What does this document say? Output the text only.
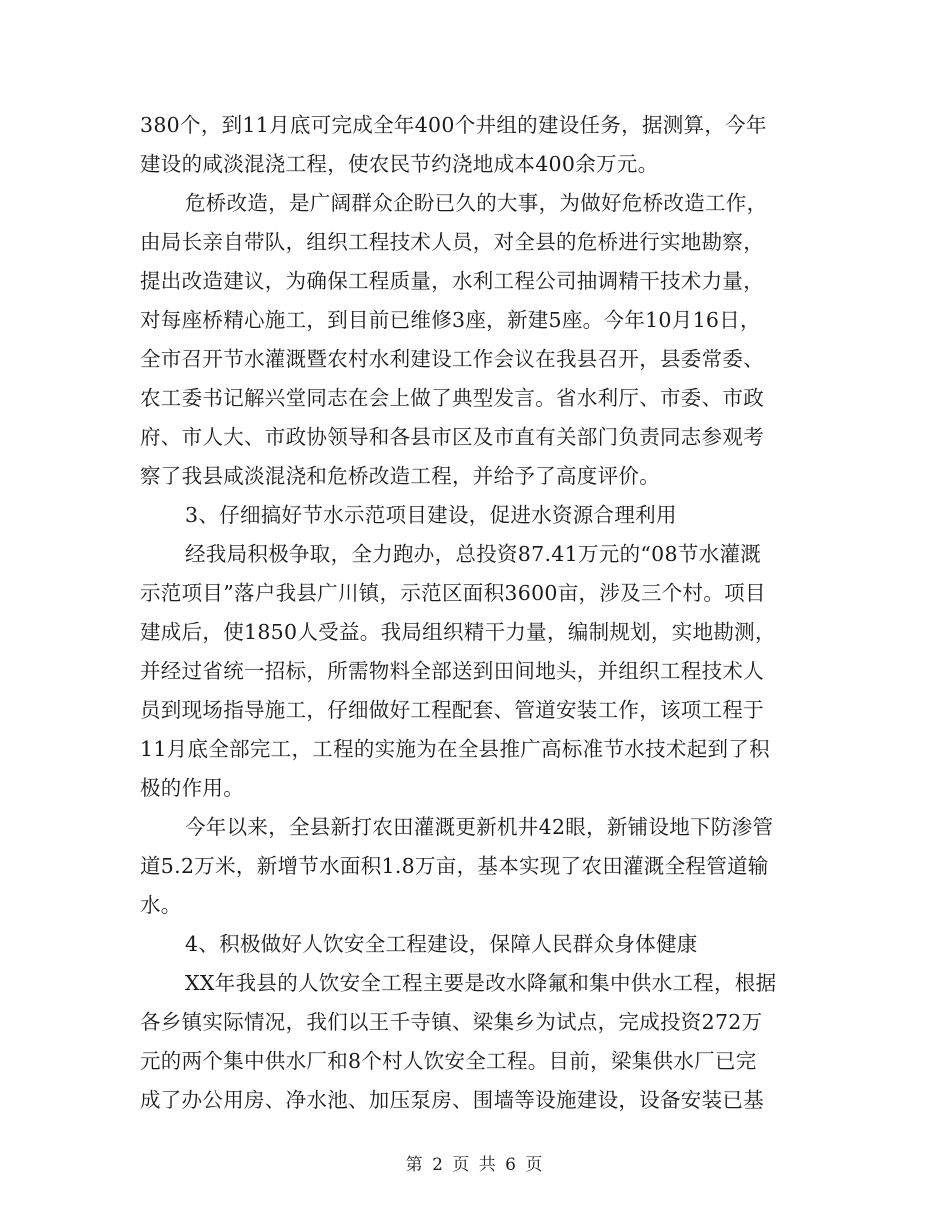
380个，到11月底可完成全年400个井组的建设任务，据测算，今年
建设的咸淡混浇工程，使农民节约浇地成本400余万元。
危桥改造，是广阔群众企盼已久的大事，为做好危桥改造工作，
由局长亲自带队，组织工程技术人员，对全县的危桥进行实地勘察，
提出改造建议，为确保工程质量，水利工程公司抽调精干技术力量，
对每座桥精心施工，到目前已维修3座，新建5座。今年10月16日，
全市召开节水灌溉暨农村水利建设工作会议在我县召开，县委常委、
农工委书记解兴堂同志在会上做了典型发言。省水利厅、市委、市政
府、市人大、市政协领导和各县市区及市直有关部门负责同志参观考
察了我县咸淡混浇和危桥改造工程，并给予了高度评价。
3、仔细搞好节水示范项目建设，促进水资源合理利用
经我局积极争取，全力跑办，总投资87.41万元的“08节水灌溉
示范项目”落户我县广川镇，示范区面积3600亩，涉及三个村。项目
建成后，使1850人受益。我局组织精干力量，编制规划，实地勘测，
并经过省统一招标，所需物料全部送到田间地头，并组织工程技术人
员到现场指导施工，仔细做好工程配套、管道安装工作，该项工程于
11月底全部完工，工程的实施为在全县推广高标准节水技术起到了积
极的作用。
今年以来，全县新打农田灌溉更新机井42眼，新铺设地下防渗管
道5.2万米，新增节水面积1.8万亩，基本实现了农田灌溉全程管道输
水。
4、积极做好人饮安全工程建设，保障人民群众身体健康
XX年我县的人饮安全工程主要是改水降氟和集中供水工程，根据
各乡镇实际情况，我们以王千寺镇、梁集乡为试点，完成投资272万
元的两个集中供水厂和8个村人饮安全工程。目前，梁集供水厂已完
成了办公用房、净水池、加压泵房、围墙等设施建设，设备安装已基
第 2 页 共 6 页
